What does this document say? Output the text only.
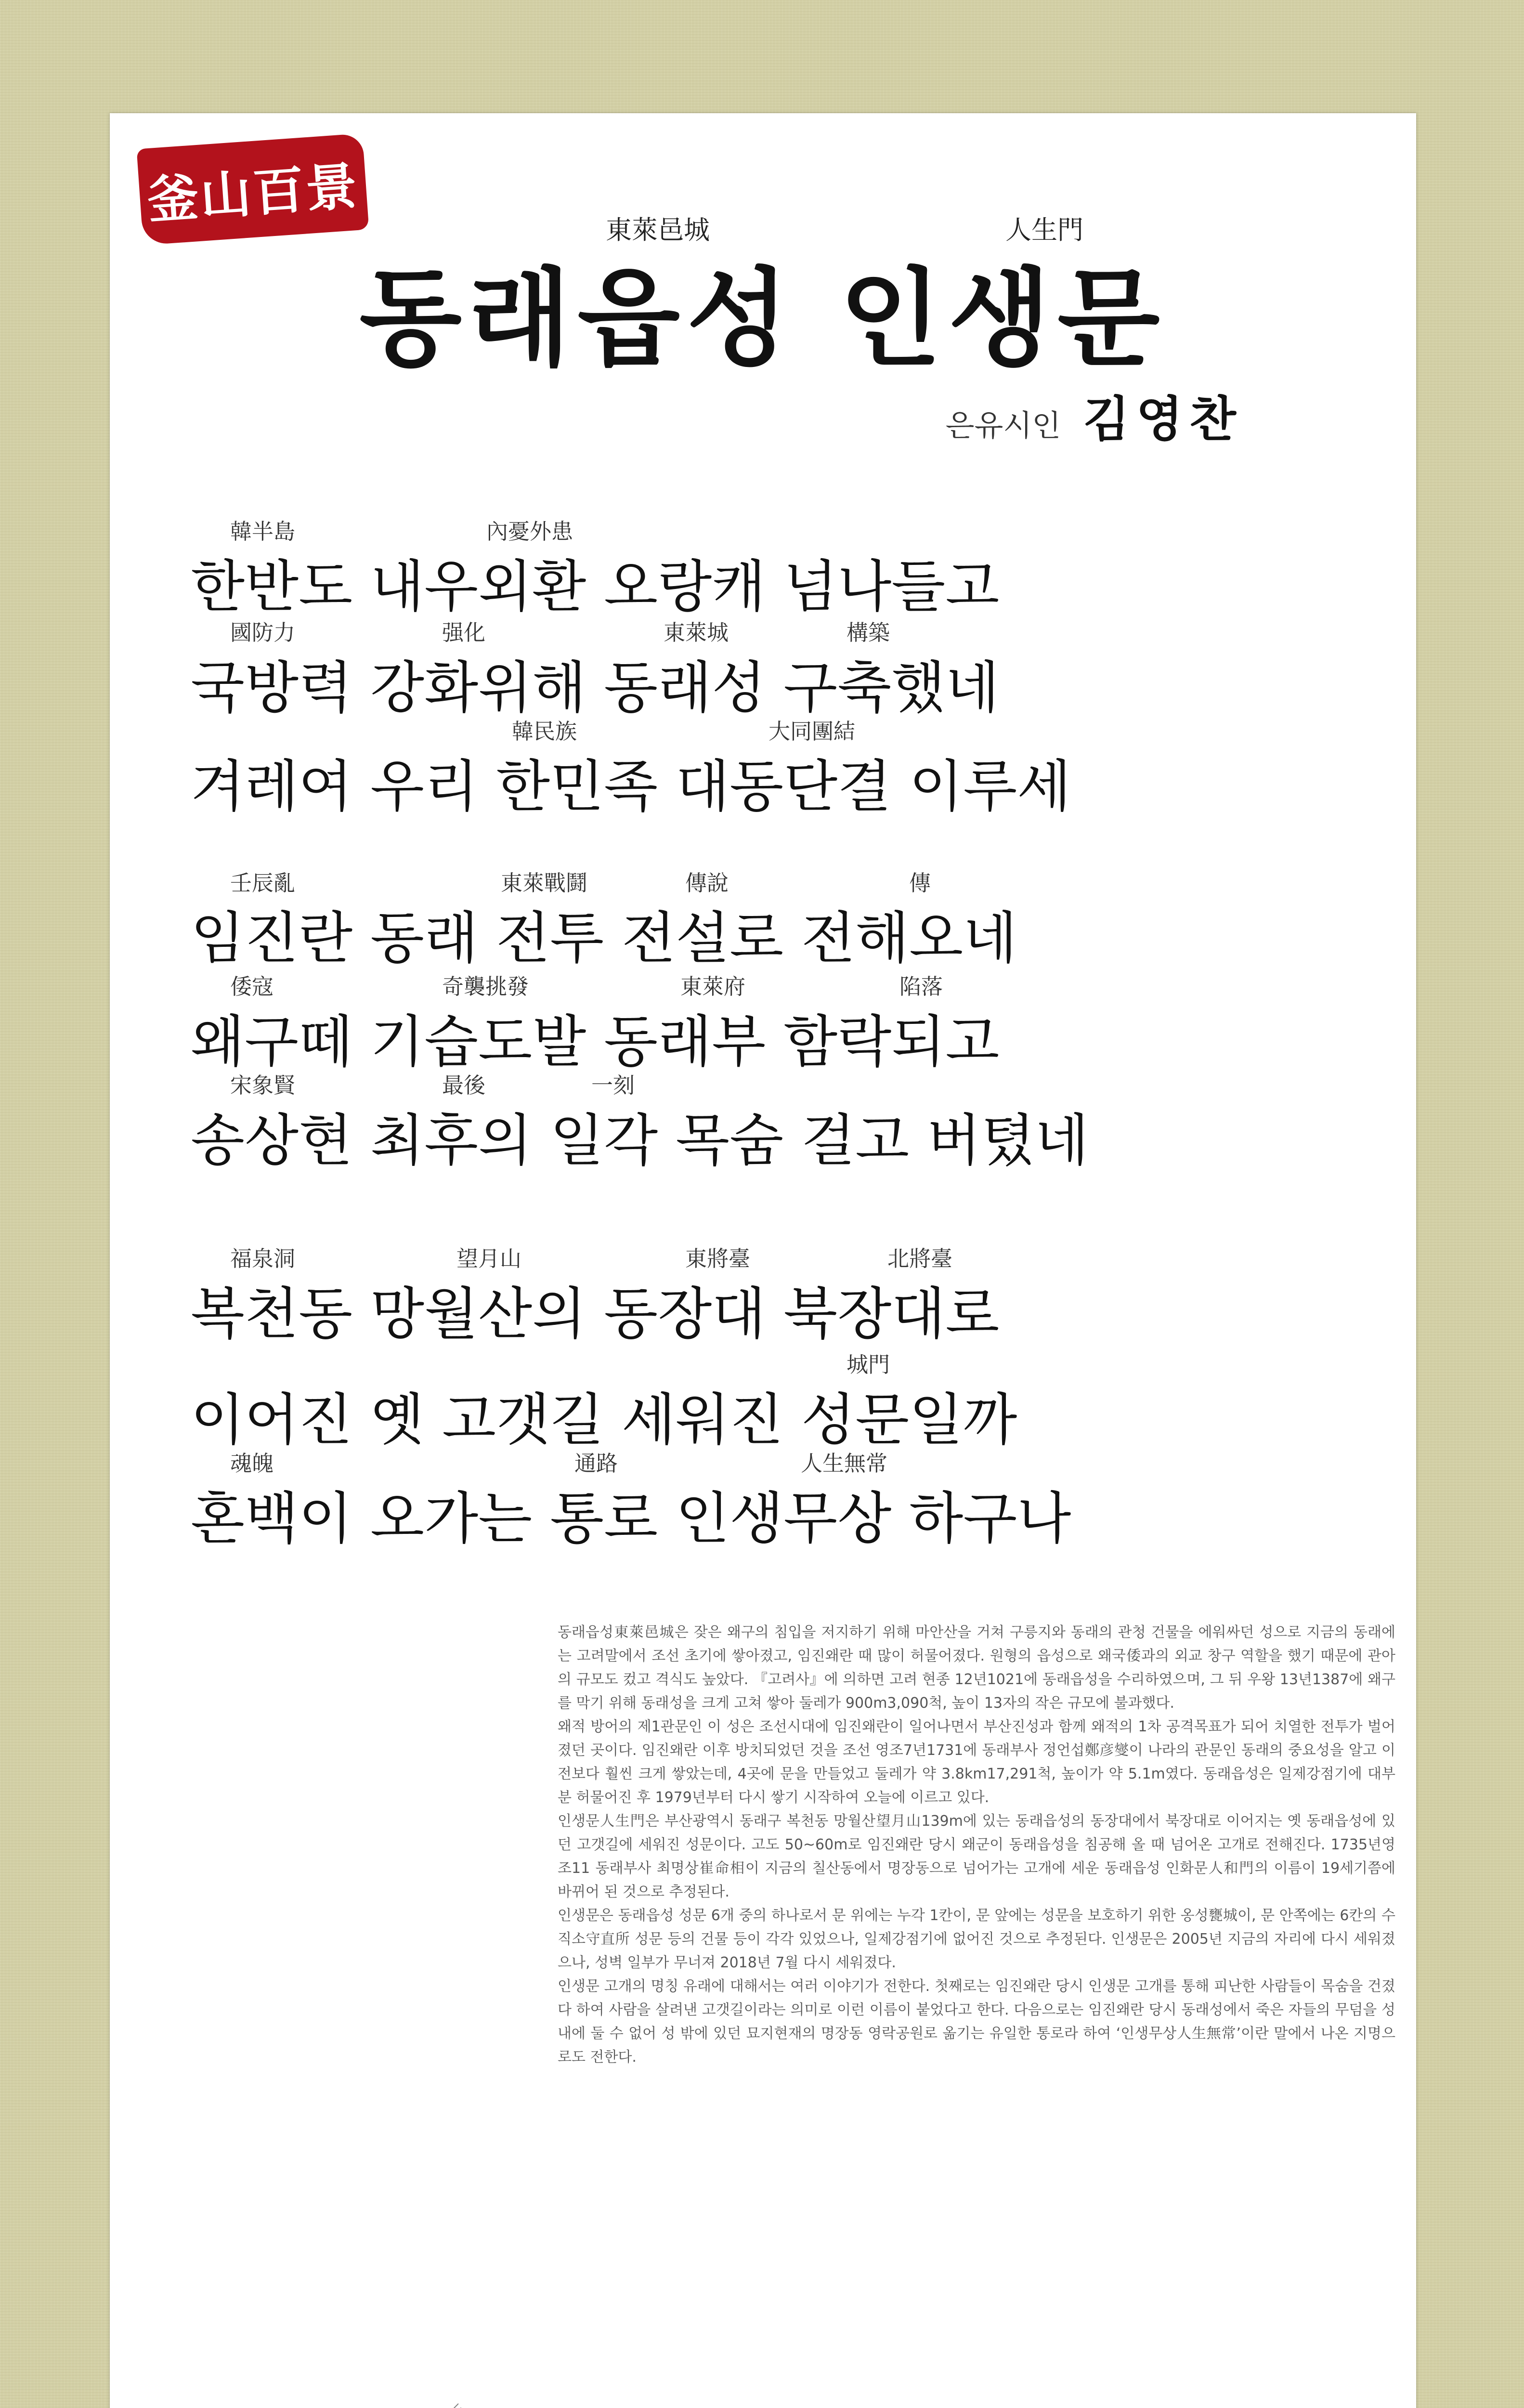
釜山百景	東萊邑城	人生門
동래읍성 인생문
은유시인 김영찬
한반도 내우외환 오랑캐 넘나들고
국방력 강화위해 동래성 구축했네
겨레여 우리 한민족 대동단결 이루세
임진란 동래 전투 전설로 전해오네
왜구떼 기습도발 동래부 함락되고
송상현 최후의 일각 목숨 걸고 버텼네
복천동 망월산의 동장대 북장대로
이어진 옛 고갯길 세워진 성문일까
혼백이 오가는 통로 인생무상 하구나
韓半島	內憂外患
國防力	强化	東萊城	構築
韓民族	大同團結
壬辰亂	東萊戰鬪	傳說	傳
倭寇	奇襲挑發	東萊府	陷落
宋象賢	最後	一刻
福泉洞	望月山	東將臺	北將臺
城門
魂魄	通路	人生無常

동래읍성東萊邑城은 잦은 왜구의 침입을 저지하기 위해 마안산을 거쳐 구릉지와 동래의 관청 건물을 에워싸던 성으로 지금의 동래에는 고려말에서 조선 초기에 쌓아졌고, 임진왜란 때 많이 허물어졌다. 원형의 읍성으로 왜국倭과의 외교 창구 역할을 했기 때문에 관아의 규모도 컸고 격식도 높았다. 『고려사』에 의하면 고려 현종 12년1021에 동래읍성을 수리하였으며, 그 뒤 우왕 13년1387에 왜구를 막기 위해 동래성을 크게 고쳐 쌓아 둘레가 900m3,090척, 높이 13자의 작은 규모에 불과했다.

왜적 방어의 제1관문인 이 성은 조선시대에 임진왜란이 일어나면서 부산진성과 함께 왜적의 1차 공격목표가 되어 치열한 전투가 벌어졌던 곳이다. 임진왜란 이후 방치되었던 것을 조선 영조7년1731에 동래부사 정언섭鄭彦燮이 나라의 관문인 동래의 중요성을 알고 이전보다 훨씬 크게 쌓았는데, 4곳에 문을 만들었고 둘레가 약 3.8km17,291척, 높이가 약 5.1m였다. 동래읍성은 일제강점기에 대부분 허물어진 후 1979년부터 다시 쌓기 시작하여 오늘에 이르고 있다.

인생문人生門은 부산광역시 동래구 복천동 망월산望月山139m에 있는 동래읍성의 동장대에서 북장대로 이어지는 옛 동래읍성에 있던 고갯길에 세워진 성문이다. 고도 50~60m로 임진왜란 당시 왜군이 동래읍성을 침공해 올 때 넘어온 고개로 전해진다. 1735년영조11 동래부사 최명상崔命相이 지금의 칠산동에서 명장동으로 넘어가는 고개에 세운 동래읍성 인화문人和門의 이름이 19세기쯤에 바뀌어 된 것으로 추정된다.

인생문은 동래읍성 성문 6개 중의 하나로서 문 위에는 누각 1칸이, 문 앞에는 성문을 보호하기 위한 옹성甕城이, 문 안쪽에는 6칸의 수직소守直所 성문 등의 건물 등이 각각 있었으나, 일제강점기에 없어진 것으로 추정된다. 인생문은 2005년 지금의 자리에 다시 세워졌으나, 성벽 일부가 무너져 2018년 7월 다시 세워졌다.

인생문 고개의 명칭 유래에 대해서는 여러 이야기가 전한다. 첫째로는 임진왜란 당시 인생문 고개를 통해 피난한 사람들이 목숨을 건졌다 하여 사람을 살려낸 고갯길이라는 의미로 이런 이름이 붙었다고 한다. 다음으로는 임진왜란 당시 동래성에서 죽은 자들의 무덤을 성내에 둘 수 없어 성 밖에 있던 묘지현재의 명장동 영락공원로 옮기는 유일한 통로라 하여 ‘인생무상人生無常’이란 말에서 나온 지명으로도 전한다.
